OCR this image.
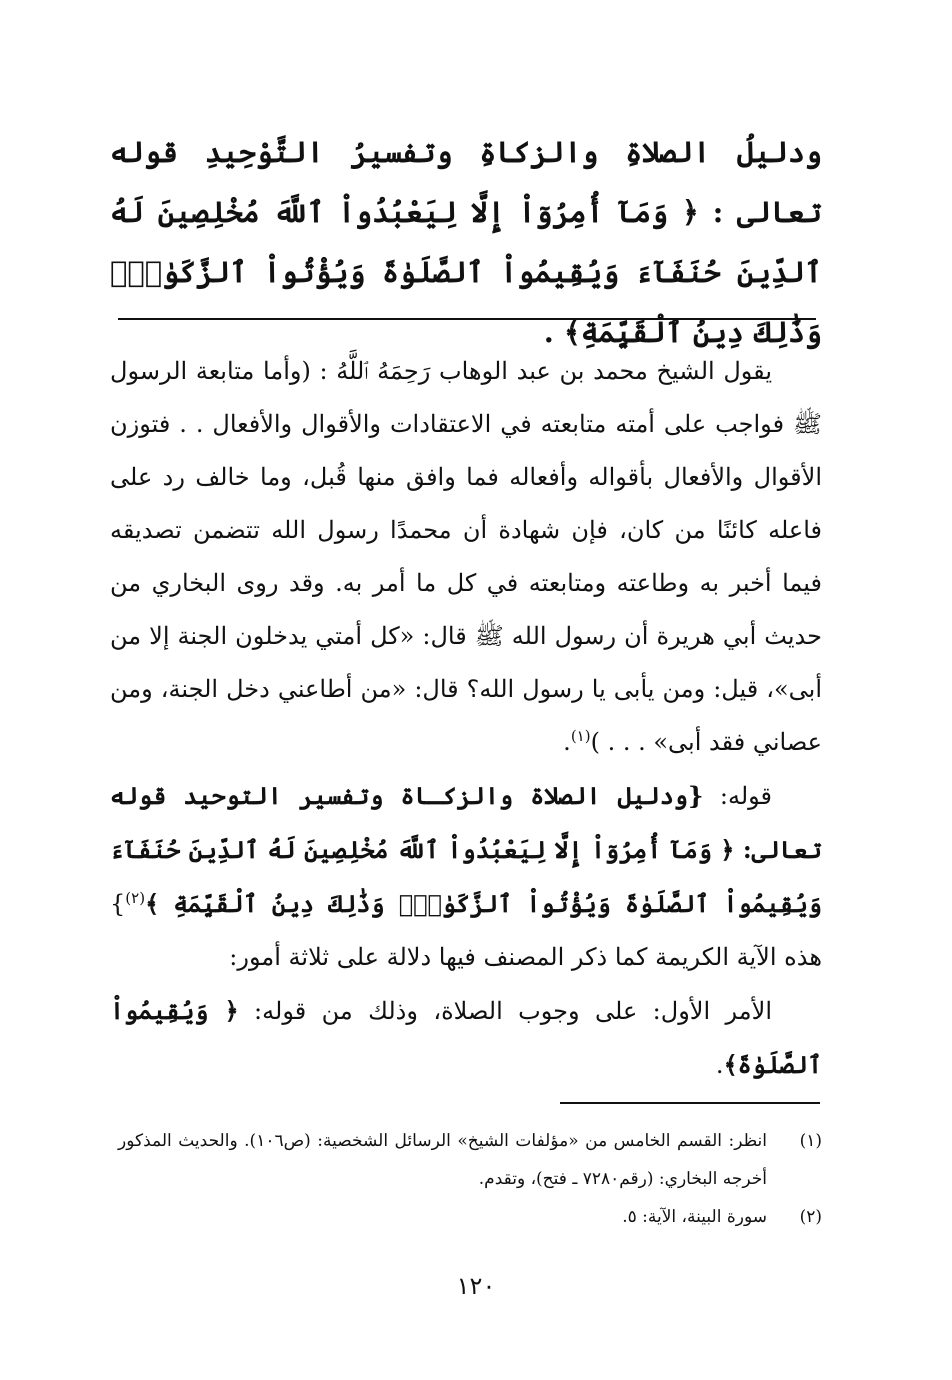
ودليلُ الصلاةِ والزكاةِ وتفسيرُ التَّوْحِيدِ قوله تعالى : ﴿ وَمَآ أُمِرُوٓاْ إِلَّا لِيَعْبُدُواْ ٱللَّهَ مُخْلِصِينَ لَهُ ٱلدِّينَ حُنَفَآءَ وَيُقِيمُواْ ٱلصَّلَوٰةَ وَيُؤْتُواْ ٱلزَّكَوٰةَۚ وَذَٰلِكَ دِينُ ٱلْقَيِّمَةِ﴾ .

يقول الشيخ محمد بن عبد الوهاب رَحِمَهُ ٱللَّهُ : (وأما متابعة الرسول ﷺ فواجب على أمته متابعته في الاعتقادات والأقوال والأفعال . . فتوزن الأقوال والأفعال بأقواله وأفعاله فما وافق منها قُبل، وما خالف رد على فاعله كائنًا من كان، فإن شهادة أن محمدًا رسول الله تتضمن تصديقه فيما أخبر به وطاعته ومتابعته في كل ما أمر به. وقد روى البخاري من حديث أبي هريرة أن رسول الله ﷺ قال: «كل أمتي يدخلون الجنة إلا من أبى»، قيل: ومن يأبى يا رسول الله؟ قال: «من أطاعني دخل الجنة، ومن عصاني فقد أبى» . . . )$^{(١)}$.

قوله: {ودليل الصلاة والزكـاة وتفسير التوحيد قوله تعالى: ﴿ وَمَآ أُمِرُوٓاْ إِلَّا لِيَعْبُدُواْ ٱللَّهَ مُخْلِصِينَ لَهُ ٱلدِّينَ حُنَفَآءَ وَيُقِيمُواْ ٱلصَّلَوٰةَ وَيُؤْتُواْ ٱلزَّكَوٰةَۚ وَذَٰلِكَ دِينُ ٱلْقَيِّمَةِ ﴾$^{(٢)}$} هذه الآية الكريمة كما ذكر المصنف فيها دلالة على ثلاثة أمور:

الأمر الأول: على وجوب الصلاة، وذلك من قوله: ﴿ وَيُقِيمُواْ ٱلصَّلَوٰةَ﴾.

(١)
انظر: القسم الخامس من «مؤلفات الشيخ» الرسائل الشخصية: (ص١٠٦). والحديث المذكور أخرجه البخاري: (رقم٧٢٨٠ ـ فتح)، وتقدم.
(٢)
سورة البينة، الآية: ٥.
١٢٠
